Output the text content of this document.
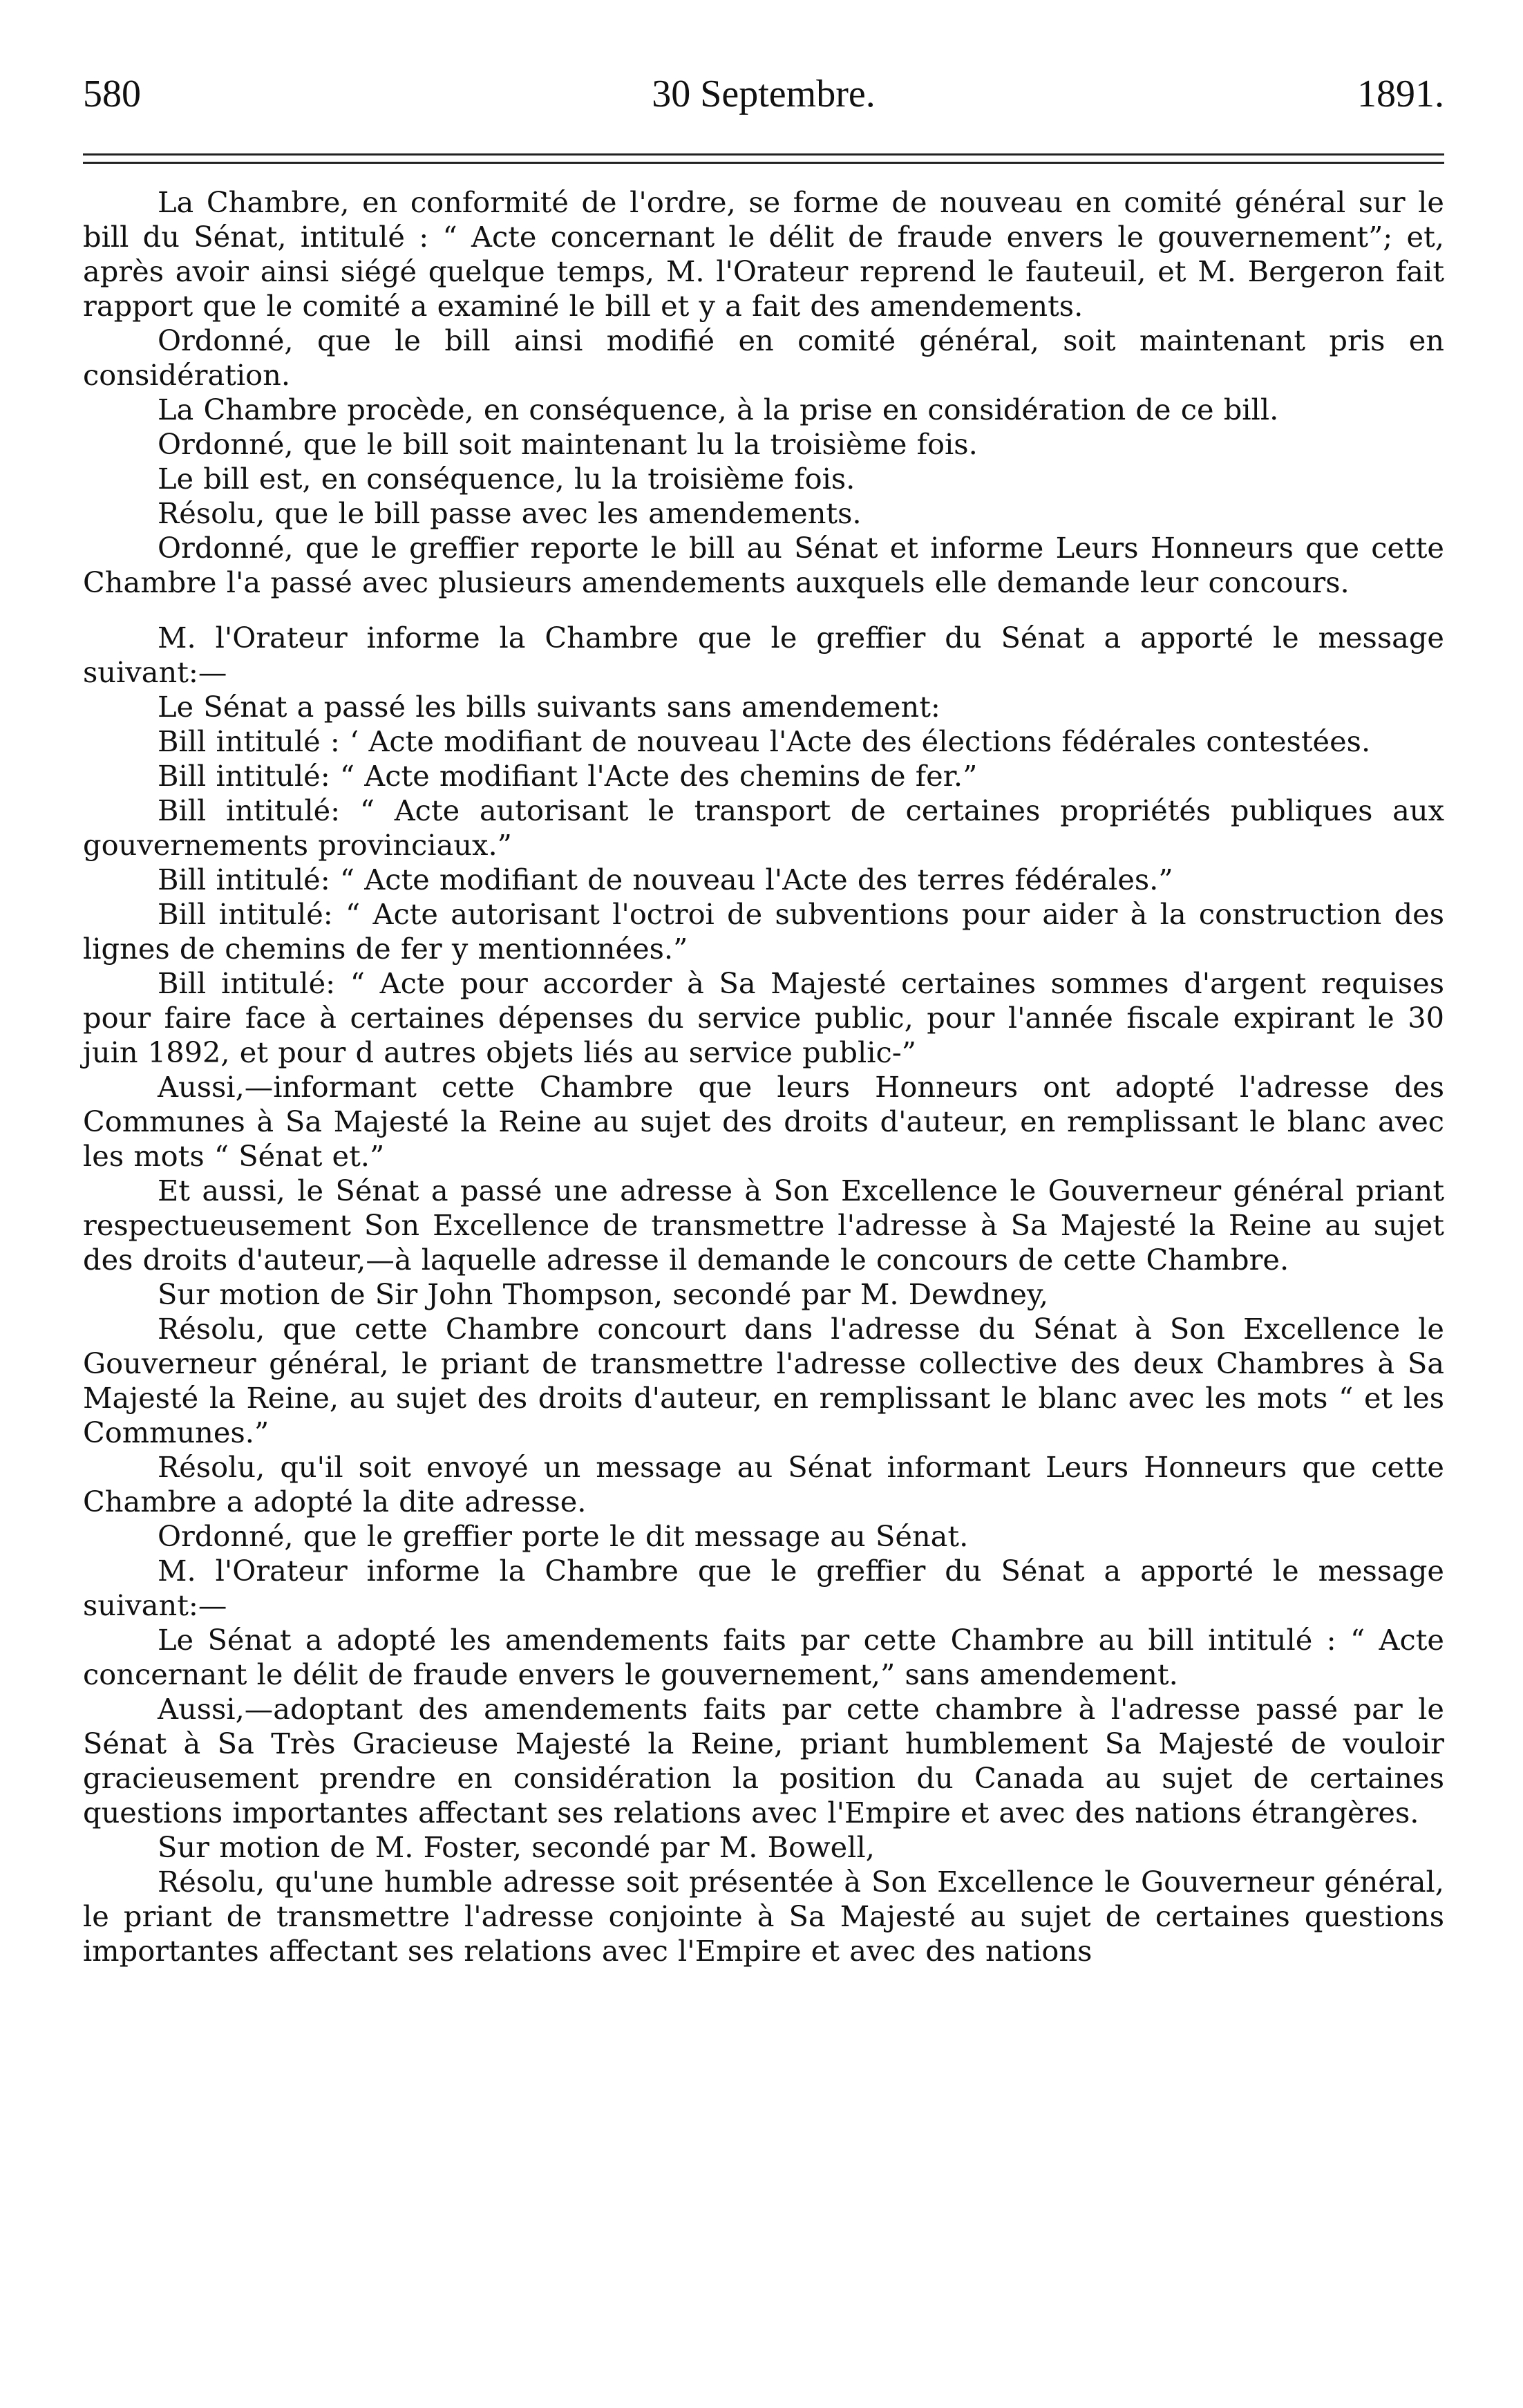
580	30 Septembre.	1891.

La Chambre, en conformité de l'ordre, se forme de nouveau en comité général sur le bill du Sénat, intitulé : “ Acte concernant le délit de fraude envers le gouvernement”; et, après avoir ainsi siégé quelque temps, M. l'Orateur reprend le fauteuil, et M. Bergeron fait rapport que le comité a examiné le bill et y a fait des amendements.

Ordonné, que le bill ainsi modifié en comité général, soit maintenant pris en considération.

La Chambre procède, en conséquence, à la prise en considération de ce bill.

Ordonné, que le bill soit maintenant lu la troisième fois.

Le bill est, en conséquence, lu la troisième fois.

Résolu, que le bill passe avec les amendements.

Ordonné, que le greffier reporte le bill au Sénat et informe Leurs Honneurs que cette Chambre l'a passé avec plusieurs amendements auxquels elle demande leur concours.

M. l'Orateur informe la Chambre que le greffier du Sénat a apporté le message suivant:—

Le Sénat a passé les bills suivants sans amendement:

Bill intitulé : ‘ Acte modifiant de nouveau l'Acte des élections fédérales contestées.

Bill intitulé: “ Acte modifiant l'Acte des chemins de fer.”

Bill intitulé: “ Acte autorisant le transport de certaines propriétés publiques aux gouvernements provinciaux.”

Bill intitulé: “ Acte modifiant de nouveau l'Acte des terres fédérales.”

Bill intitulé: “ Acte autorisant l'octroi de subventions pour aider à la construction des lignes de chemins de fer y mentionnées.”

Bill intitulé: “ Acte pour accorder à Sa Majesté certaines sommes d'argent requises pour faire face à certaines dépenses du service public, pour l'année fiscale expirant le 30 juin 1892, et pour d autres objets liés au service public-”

Aussi,—informant cette Chambre que leurs Honneurs ont adopté l'adresse des Communes à Sa Majesté la Reine au sujet des droits d'auteur, en remplissant le blanc avec les mots “ Sénat et.”

Et aussi, le Sénat a passé une adresse à Son Excellence le Gouverneur général priant respectueusement Son Excellence de transmettre l'adresse à Sa Majesté la Reine au sujet des droits d'auteur,—à laquelle adresse il demande le concours de cette Chambre.

Sur motion de Sir John Thompson, secondé par M. Dewdney,

Résolu, que cette Chambre concourt dans l'adresse du Sénat à Son Excellence le Gouverneur général, le priant de transmettre l'adresse collective des deux Chambres à Sa Majesté la Reine, au sujet des droits d'auteur, en remplissant le blanc avec les mots “ et les Communes.”

Résolu, qu'il soit envoyé un message au Sénat informant Leurs Honneurs que cette Chambre a adopté la dite adresse.

Ordonné, que le greffier porte le dit message au Sénat.

M. l'Orateur informe la Chambre que le greffier du Sénat a apporté le message suivant:—

Le Sénat a adopté les amendements faits par cette Chambre au bill intitulé : “ Acte concernant le délit de fraude envers le gouvernement,” sans amendement.

Aussi,—adoptant des amendements faits par cette chambre à l'adresse passé par le Sénat à Sa Très Gracieuse Majesté la Reine, priant humblement Sa Majesté de vouloir gracieusement prendre en considération la position du Canada au sujet de certaines questions importantes affectant ses relations avec l'Empire et avec des nations étrangères.

Sur motion de M. Foster, secondé par M. Bowell,

Résolu, qu'une humble adresse soit présentée à Son Excellence le Gouverneur général, le priant de transmettre l'adresse conjointe à Sa Majesté au sujet de certaines questions importantes affectant ses relations avec l'Empire et avec des nations
